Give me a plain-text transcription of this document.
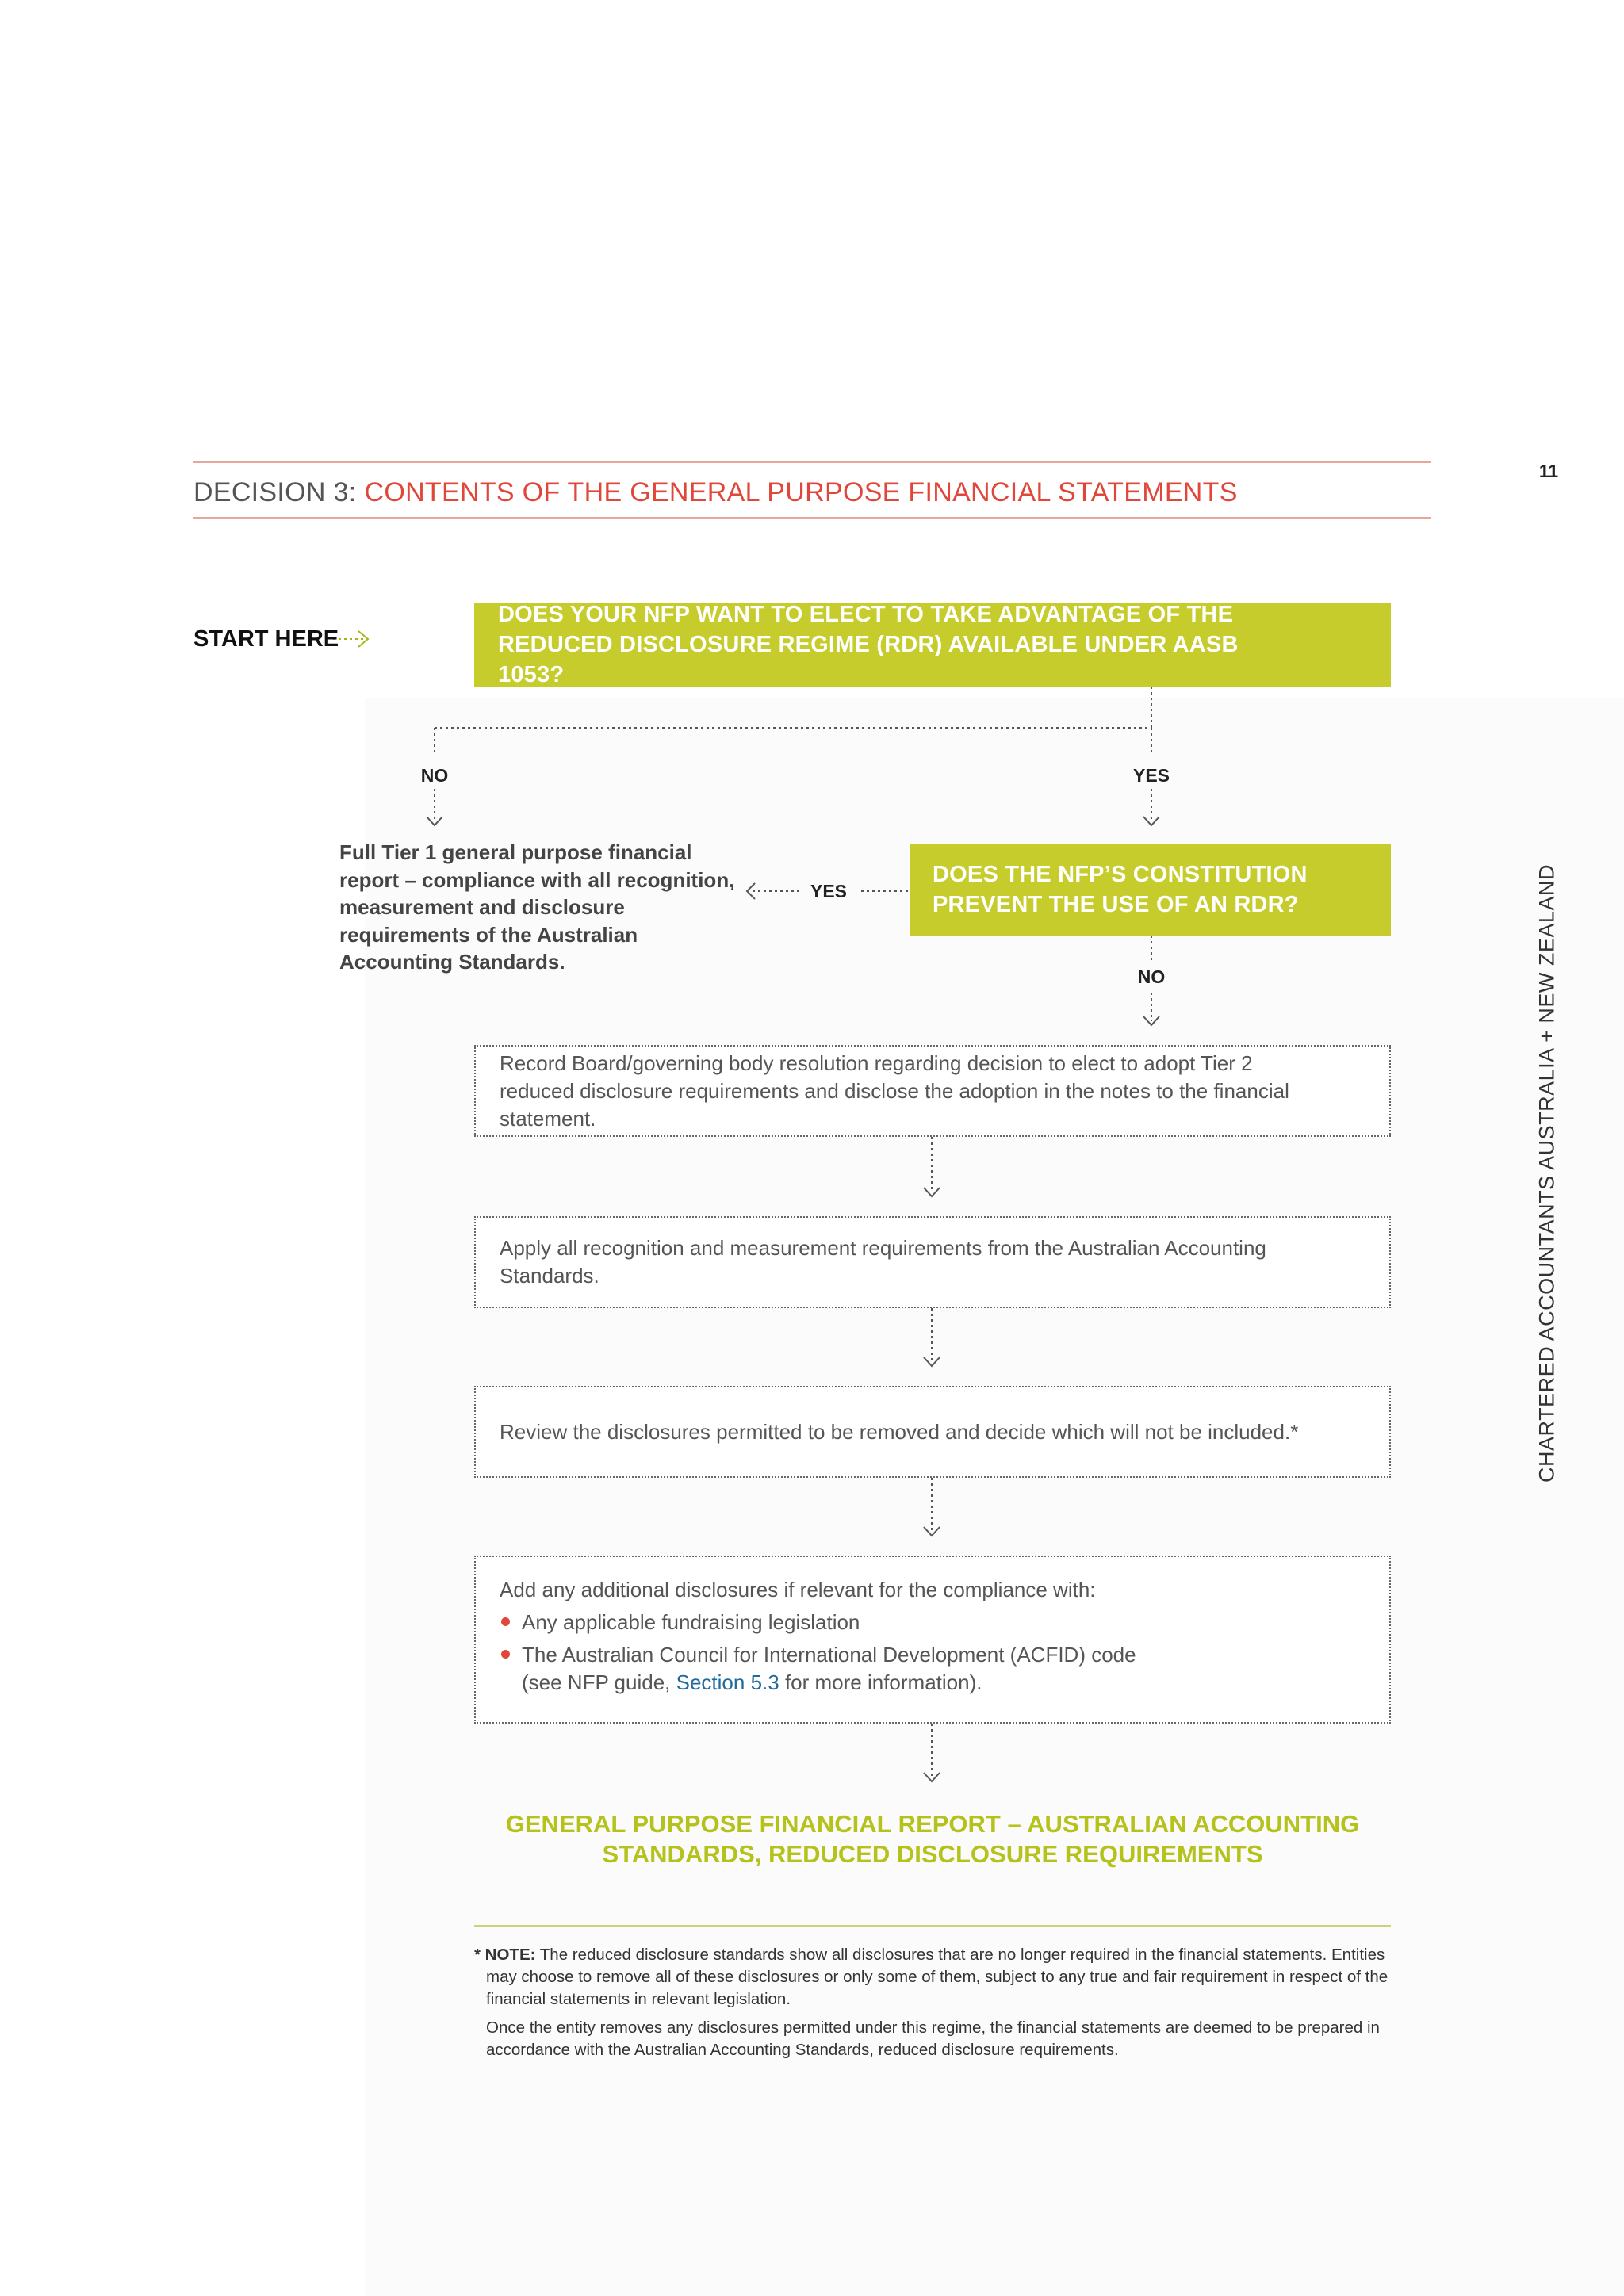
DECISION 3: CONTENTS OF THE GENERAL PURPOSE FINANCIAL STATEMENTS
11
CHARTERED ACCOUNTANTS AUSTRALIA + NEW ZEALAND
START HERE
DOES YOUR NFP WANT TO ELECT TO TAKE ADVANTAGE OF THE REDUCED DISCLOSURE REGIME (RDR) AVAILABLE UNDER AASB 1053?
NO	YES
Full Tier 1 general purpose financial report – compliance with all recognition, measurement and disclosure requirements of the Australian Accounting Standards.
YES
DOES THE NFP’S CONSTITUTION PREVENT THE USE OF AN RDR?
NO
Record Board/governing body resolution regarding decision to elect to adopt Tier 2 reduced disclosure requirements and disclose the adoption in the notes to the financial statement.
Apply all recognition and measurement requirements from the Australian Accounting Standards.
Review the disclosures permitted to be removed and decide which will not be included.*
Add any additional disclosures if relevant for the compliance with:
Any applicable fundraising legislation
The Australian Council for International Development (ACFID) code
(see NFP guide, Section 5.3 for more information).
GENERAL PURPOSE FINANCIAL REPORT – AUSTRALIAN ACCOUNTING STANDARDS, REDUCED DISCLOSURE REQUIREMENTS

* NOTE: The reduced disclosure standards show all disclosures that are no longer required in the financial statements. Entities may choose to remove all of these disclosures or only some of them, subject to any true and fair requirement in respect of the financial statements in relevant legislation.

Once the entity removes any disclosures permitted under this regime, the financial statements are deemed to be prepared in accordance with the Australian Accounting Standards, reduced disclosure requirements.
